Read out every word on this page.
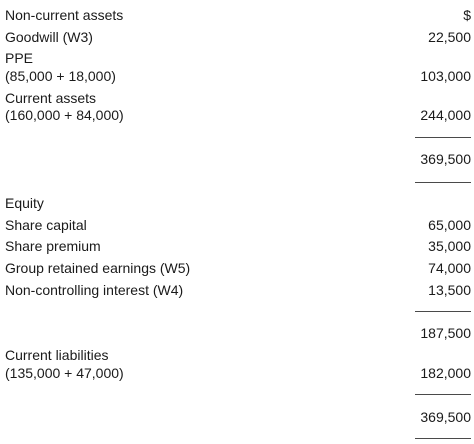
Non-current assets	$
Goodwill (W3)	22,500
PPE
(85,000 + 18,000)	103,000
Current assets
(160,000 + 84,000)	244,000
369,500
Equity
Share capital	65,000
Share premium	35,000
Group retained earnings (W5)	74,000
Non-controlling interest (W4)	13,500
187,500
Current liabilities
(135,000 + 47,000)	182,000
369,500
